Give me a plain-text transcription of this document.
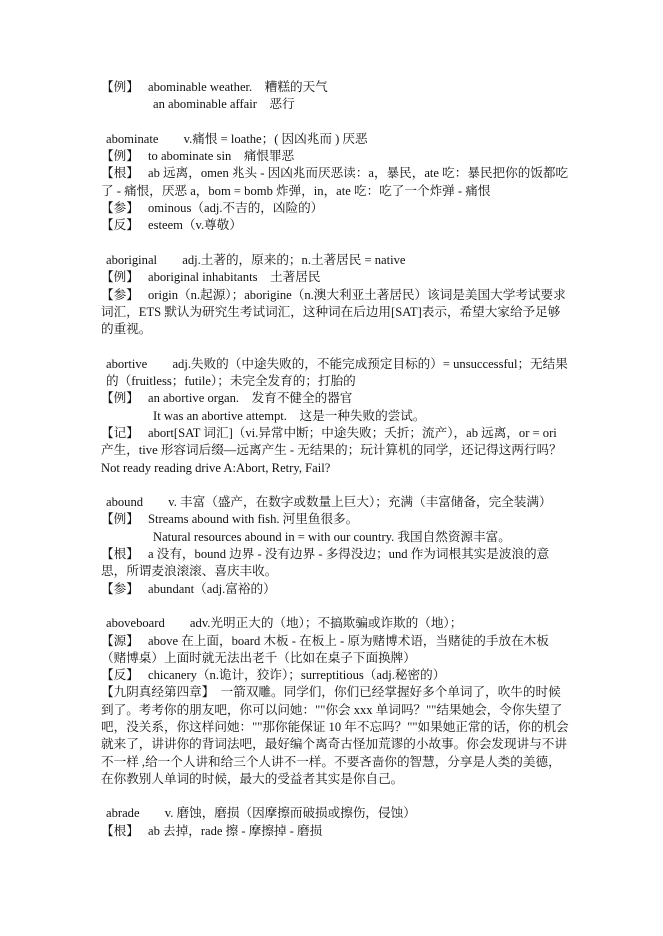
【例】 abominable weather.　糟糕的天气
an abominable affair　恶行
abominate　　v.痛恨 = loathe；( 因凶兆而 ) 厌恶
【例】 to abominate sin　痛恨罪恶
【根】 ab 远离，omen 兆头 - 因凶兆而厌恶读：a，暴民，ate 吃：暴民把你的饭都吃了 - 痛恨，厌恶 a，bom = bomb 炸弹，in，ate 吃：吃了一个炸弹 - 痛恨
【参】 ominous（adj.不吉的，凶险的）
【反】 esteem（v.尊敬）
aboriginal　　adj.土著的，原来的；n.土著居民 = native
【例】 aboriginal inhabitants　土著居民
【参】 origin（n.起源）；aborigine（n.澳大利亚土著居民）该词是美国大学考试要求词汇，ETS 默认为研究生考试词汇，这种词在后边用[SAT]表示，希望大家给予足够的重视。
abortive　　adj.失败的（中途失败的，不能完成预定目标的）= unsuccessful；无结果的（fruitless；futile）；未完全发育的；打胎的
【例】 an abortive organ.　发育不健全的器官
It was an abortive attempt.　这是一种失败的尝试。
【记】 abort[SAT 词汇]（vi.异常中断；中途失败；夭折；流产），ab 远离，or = ori 产生，tive 形容词后缀—远离产生 - 无结果的；玩计算机的同学，还记得这两行吗？Not ready reading drive A:Abort, Retry, Fail?
abound　　v. 丰富（盛产，在数字或数量上巨大）；充满（丰富储备，完全装满）
【例】 Streams abound with fish. 河里鱼很多。
Natural resources abound in = with our country. 我国自然资源丰富。
【根】 a 没有，bound 边界 - 没有边界 - 多得没边；und 作为词根其实是波浪的意思，所谓麦浪滚滚、喜庆丰收。
【参】 abundant（adj.富裕的）
aboveboard　　adv.光明正大的（地）；不搞欺骗或诈欺的（地）；
【源】 above 在上面，board 木板 - 在板上 - 原为赌博术语，当赌徒的手放在木板（赌博桌）上面时就无法出老千（比如在桌子下面换牌）
【反】 chicanery（n.诡计，狡诈）；surreptitious（adj.秘密的）
【九阴真经第四章】　 一箭双雕。同学们，你们已经掌握好多个单词了，吹牛的时候到了。考考你的朋友吧，你可以问她：""你会 xxx 单词吗？""结果她会，令你失望了吧，没关系，你这样问她：""那你能保证 10 年不忘吗？""如果她正常的话，你的机会就来了，讲讲你的背词法吧，最好编个离奇古怪加荒谬的小故事。你会发现讲与不讲不一样 ,给一个人讲和给三个人讲不一样。不要吝啬你的智慧，分享是人类的美德，在你教别人单词的时候，最大的受益者其实是你自己。
abrade　　v. 磨蚀，磨损（因摩擦而破损或擦伤，侵蚀）
【根】 ab 去掉，rade 擦 - 摩擦掉 - 磨损
